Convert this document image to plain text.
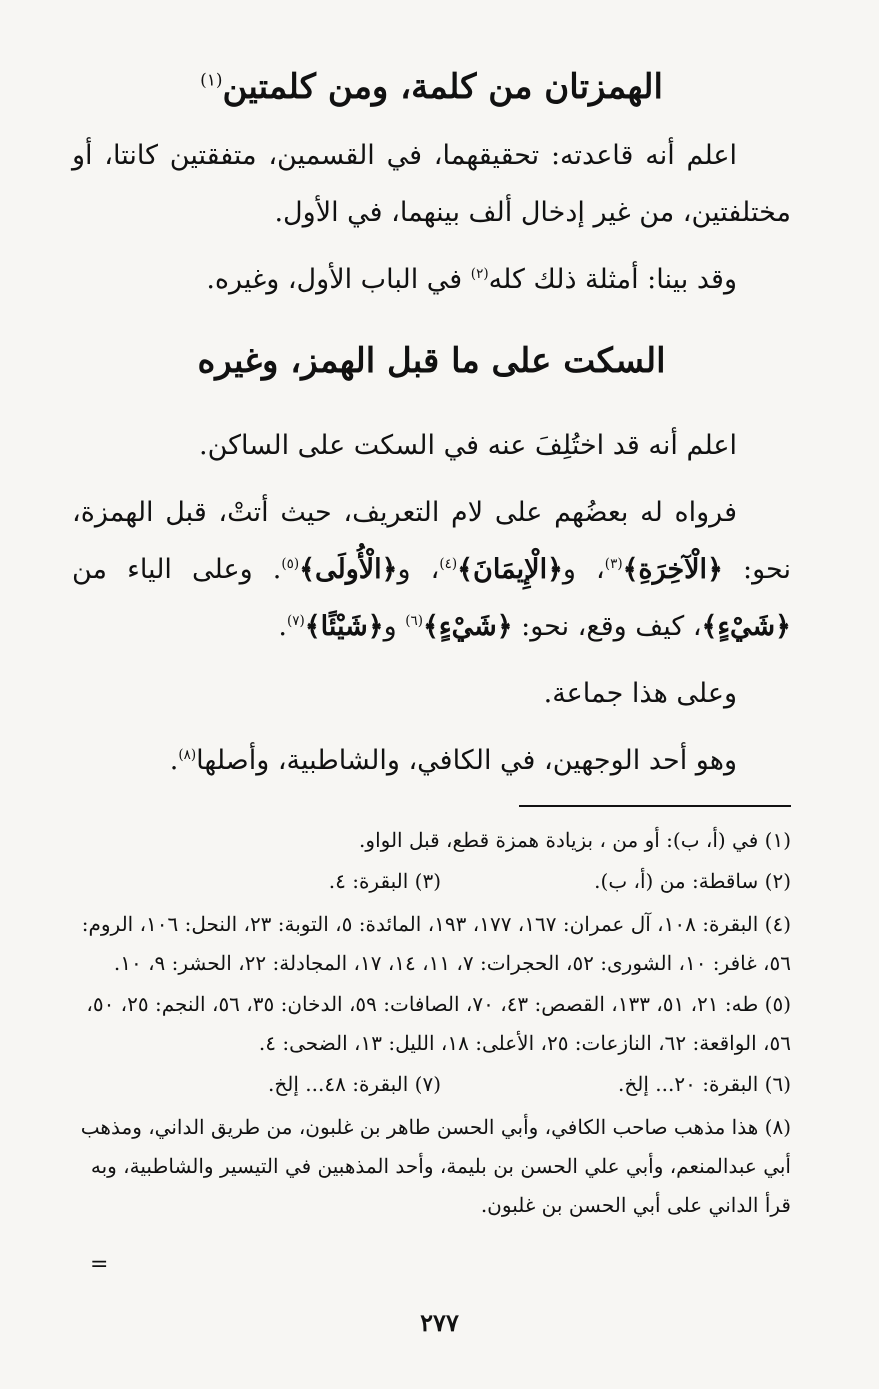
الهمزتان من كلمة، ومن كلمتين$^{(١)}$

اعلم أنه قاعدته: تحقيقهما، في القسمين، متفقتين كانتا، أو مختلفتين، من غير إدخال ألف بينهما، في الأول.

وقد بينا: أمثلة ذلك كله$^{(٢)}$ في الباب الأول، وغيره.

السكت على ما قبل الهمز، وغيره

اعلم أنه قد اختُلِفَ عنه في السكت على الساكن.

فرواه له بعضُهم على لام التعريف، حيث أتتْ، قبل الهمزة، نحو: ﴿الْآخِرَةِ﴾$^{(٣)}$، و﴿الْإِيمَانَ﴾$^{(٤)}$، و﴿الْأُولَى﴾$^{(٥)}$. وعلى الياء من ﴿شَيْءٍ﴾، كيف وقع، نحو: ﴿شَيْءٍ﴾$^{(٦)}$ و﴿شَيْئًا﴾$^{(٧)}$.

وعلى هذا جماعة.

وهو أحد الوجهين، في الكافي، والشاطبية، وأصلها$^{(٨)}$.

(١) في (أ، ب): أو من ، بزيادة همزة قطع، قبل الواو.

(٢) ساقطة: من (أ، ب).

(٣) البقرة: ٤.

(٤) البقرة: ١٠٨، آل عمران: ١٦٧، ١٧٧، ١٩٣، المائدة: ٥، التوبة: ٢٣، النحل: ١٠٦، الروم: ٥٦، غافر: ١٠، الشورى: ٥٢، الحجرات: ٧، ١١، ١٤، ١٧، المجادلة: ٢٢، الحشر: ٩، ١٠.

(٥) طه: ٢١، ٥١، ١٣٣، القصص: ٤٣، ٧٠، الصافات: ٥٩، الدخان: ٣٥، ٥٦، النجم: ٢٥، ٥٠، ٥٦، الواقعة: ٦٢، النازعات: ٢٥، الأعلى: ١٨، الليل: ١٣، الضحى: ٤.

(٦) البقرة: ٢٠... إلخ.

(٧) البقرة: ٤٨... إلخ.

(٨) هذا مذهب صاحب الكافي، وأبي الحسن طاهر بن غلبون، من طريق الداني، ومذهب أبي عبدالمنعم، وأبي علي الحسن بن بليمة، وأحد المذهبين في التيسير والشاطبية، وبه قرأ الداني على أبي الحسن بن غلبون.

=
٢٧٧
